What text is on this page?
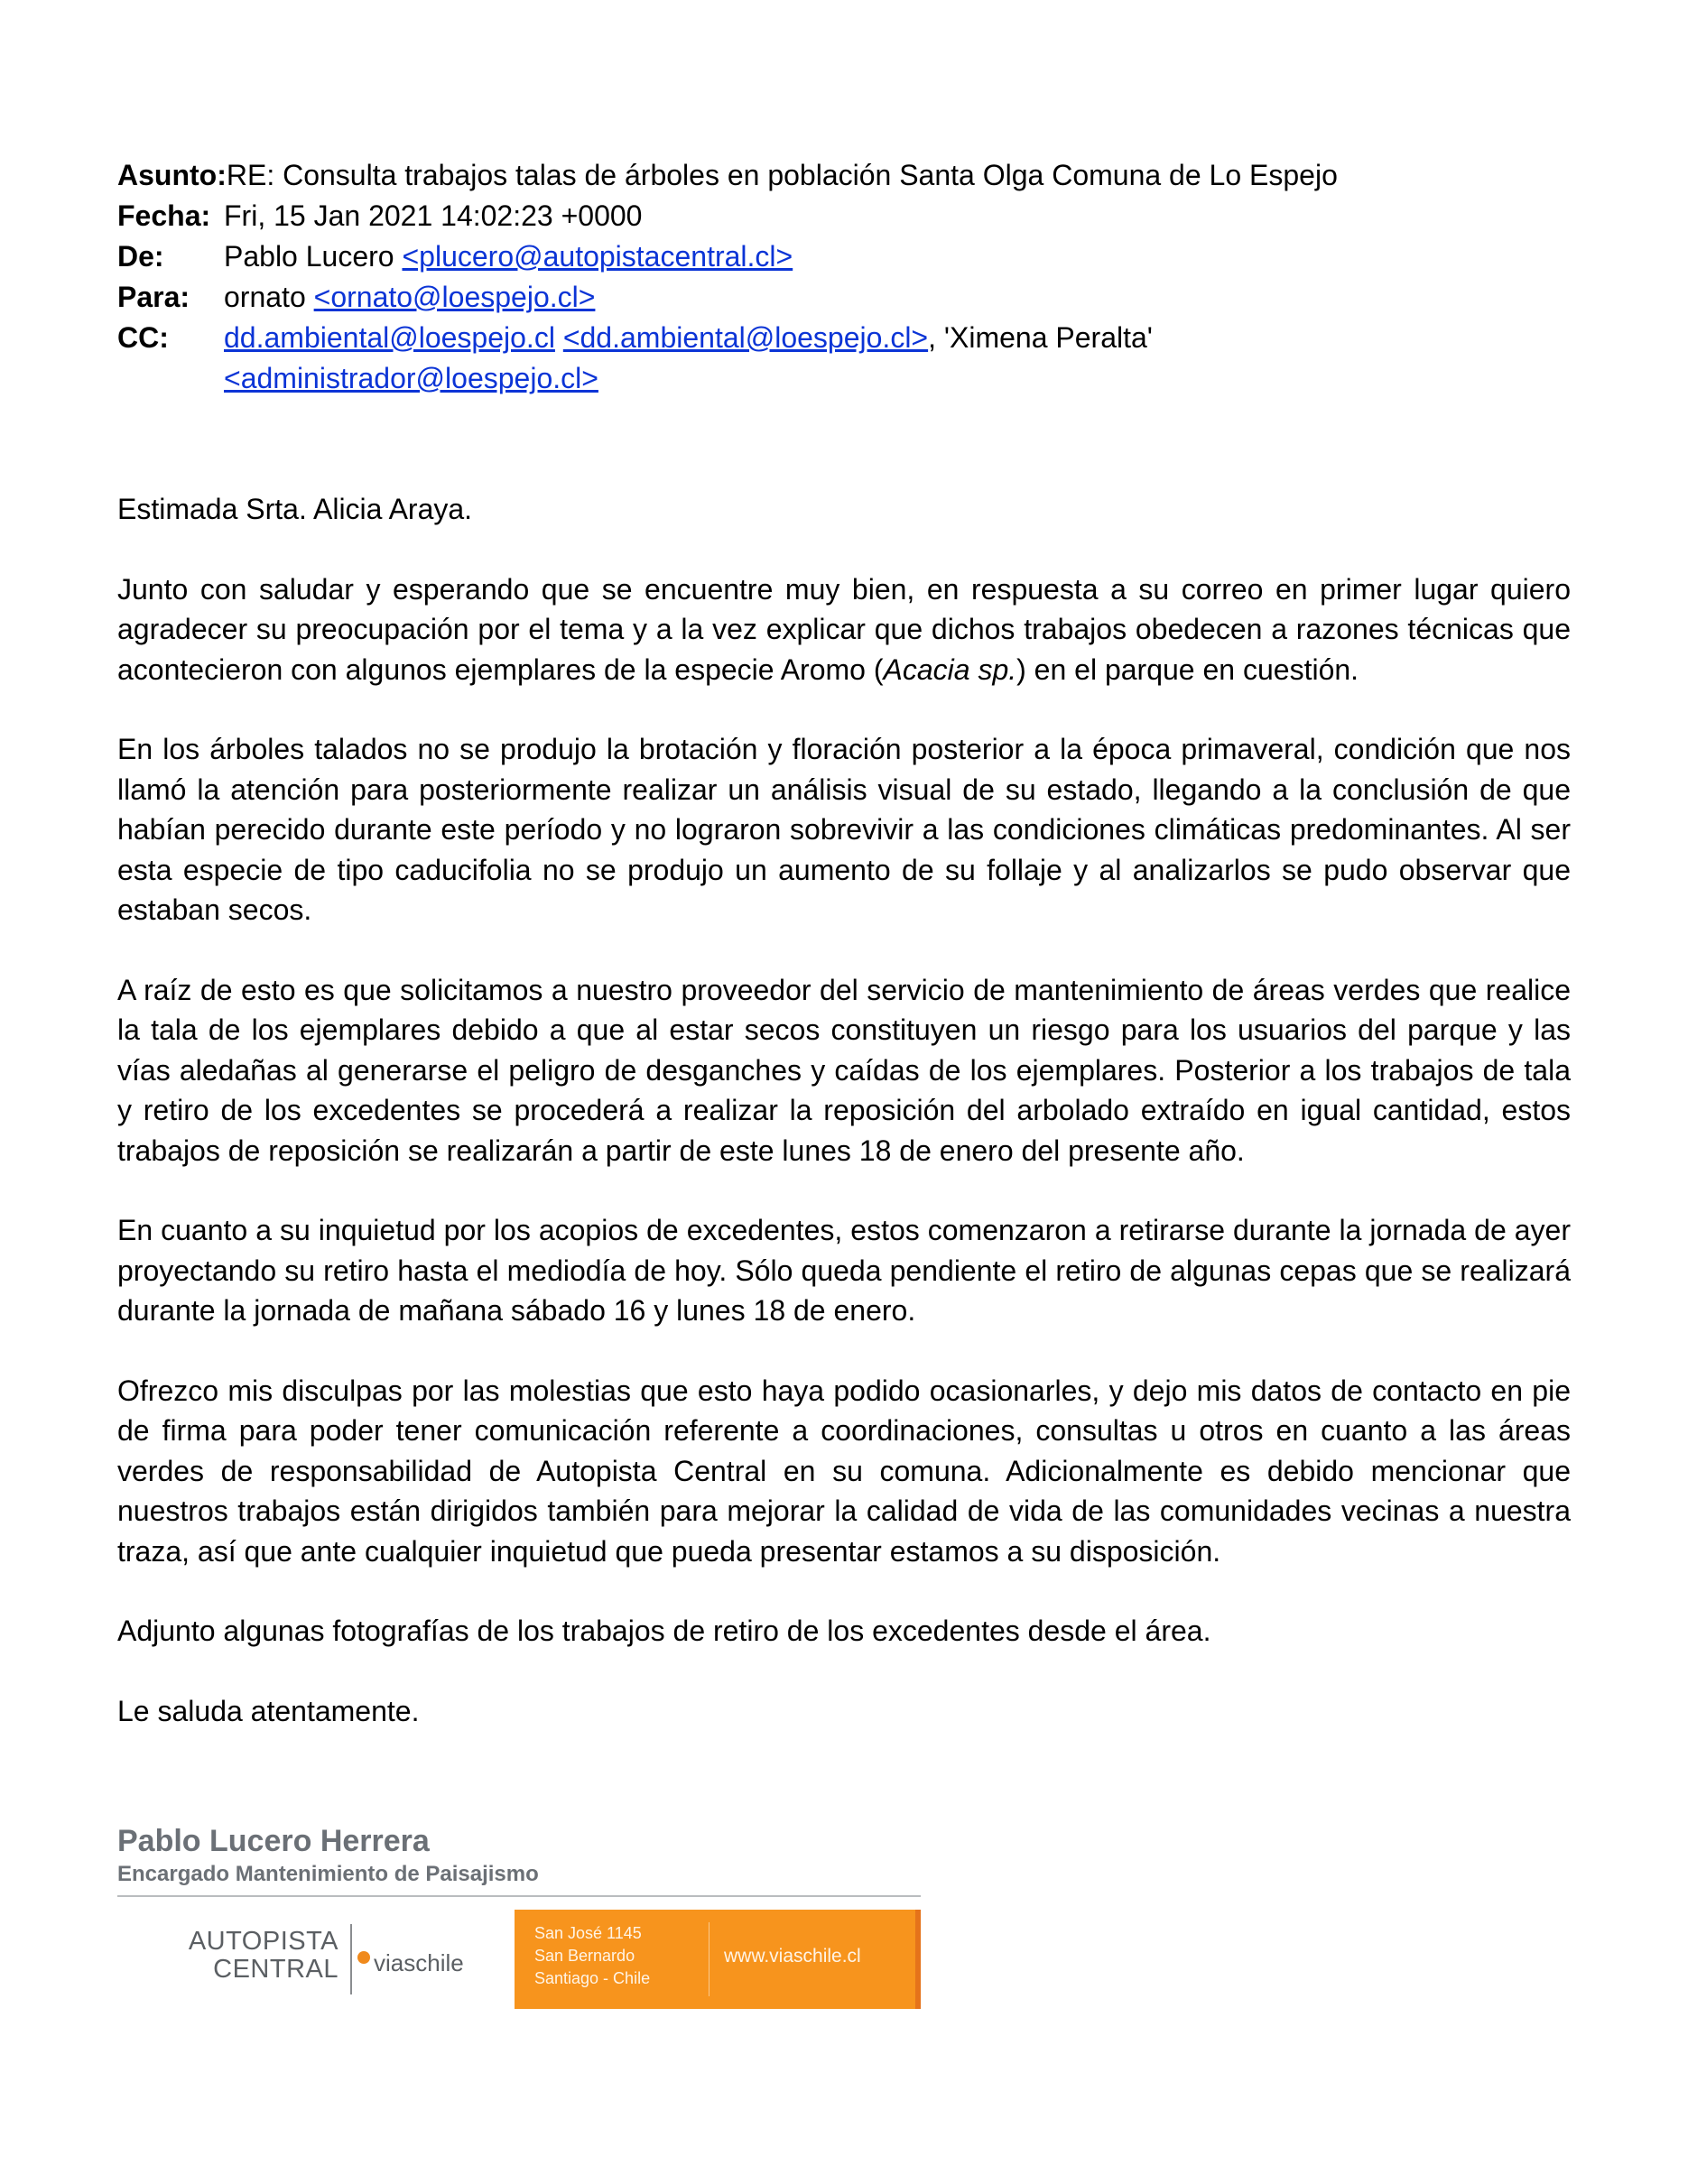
Asunto: RE: Consulta trabajos talas de árboles en población Santa Olga Comuna de Lo Espejo
Fecha: Fri, 15 Jan 2021 14:02:23 +0000
De:	Pablo Lucero <plucero@autopistacentral.cl>
Para:	ornato <ornato@loespejo.cl>
CC:	dd.ambiental@loespejo.cl <dd.ambiental@loespejo.cl>, 'Ximena Peralta'
<administrador@loespejo.cl>

Estimada Srta. Alicia Araya.

Junto con saludar y esperando que se encuentre muy bien, en respuesta a su correo en primer lugar quiero agradecer su preocupación por el tema y a la vez explicar que dichos trabajos obedecen a razones técnicas que acontecieron con algunos ejemplares de la especie Aromo (Acacia sp.) en el parque en cuestión.

En los árboles talados no se produjo la brotación y floración posterior a la época primaveral, condición que nos llamó la atención para posteriormente realizar un análisis visual de su estado, llegando a la conclusión de que habían perecido durante este período y no lograron sobrevivir a las condiciones climáticas predominantes. Al ser esta especie de tipo caducifolia no se produjo un aumento de su follaje y al analizarlos se pudo observar que estaban secos.

A raíz de esto es que solicitamos a nuestro proveedor del servicio de mantenimiento de áreas verdes que realice la tala de los ejemplares debido a que al estar secos constituyen un riesgo para los usuarios del parque y las vías aledañas al generarse el peligro de desganches y caídas de los ejemplares. Posterior a los trabajos de tala y retiro de los excedentes se procederá a realizar la reposición del arbolado extraído en igual cantidad, estos trabajos de reposición se realizarán a partir de este lunes 18 de enero del presente año.

En cuanto a su inquietud por los acopios de excedentes, estos comenzaron a retirarse durante la jornada de ayer proyectando su retiro hasta el mediodía de hoy. Sólo queda pendiente el retiro de algunas cepas que se realizará durante la jornada de mañana sábado 16 y lunes 18 de enero.

Ofrezco mis disculpas por las molestias que esto haya podido ocasionarles, y dejo mis datos de contacto en pie de firma para poder tener comunicación referente a coordinaciones, consultas u otros en cuanto a las áreas verdes de responsabilidad de Autopista Central en su comuna. Adicionalmente es debido mencionar que nuestros trabajos están dirigidos también para mejorar la calidad de vida de las comunidades vecinas a nuestra traza, así que ante cualquier inquietud que pueda presentar estamos a su disposición.

Adjunto algunas fotografías de los trabajos de retiro de los excedentes desde el área.

Le saluda atentamente.

Pablo Lucero Herrera
Encargado Mantenimiento de Paisajismo
AUTOPISTA
CENTRAL	viaschile
San José 1145
San Bernardo
Santiago - Chile
www.viaschile.cl
